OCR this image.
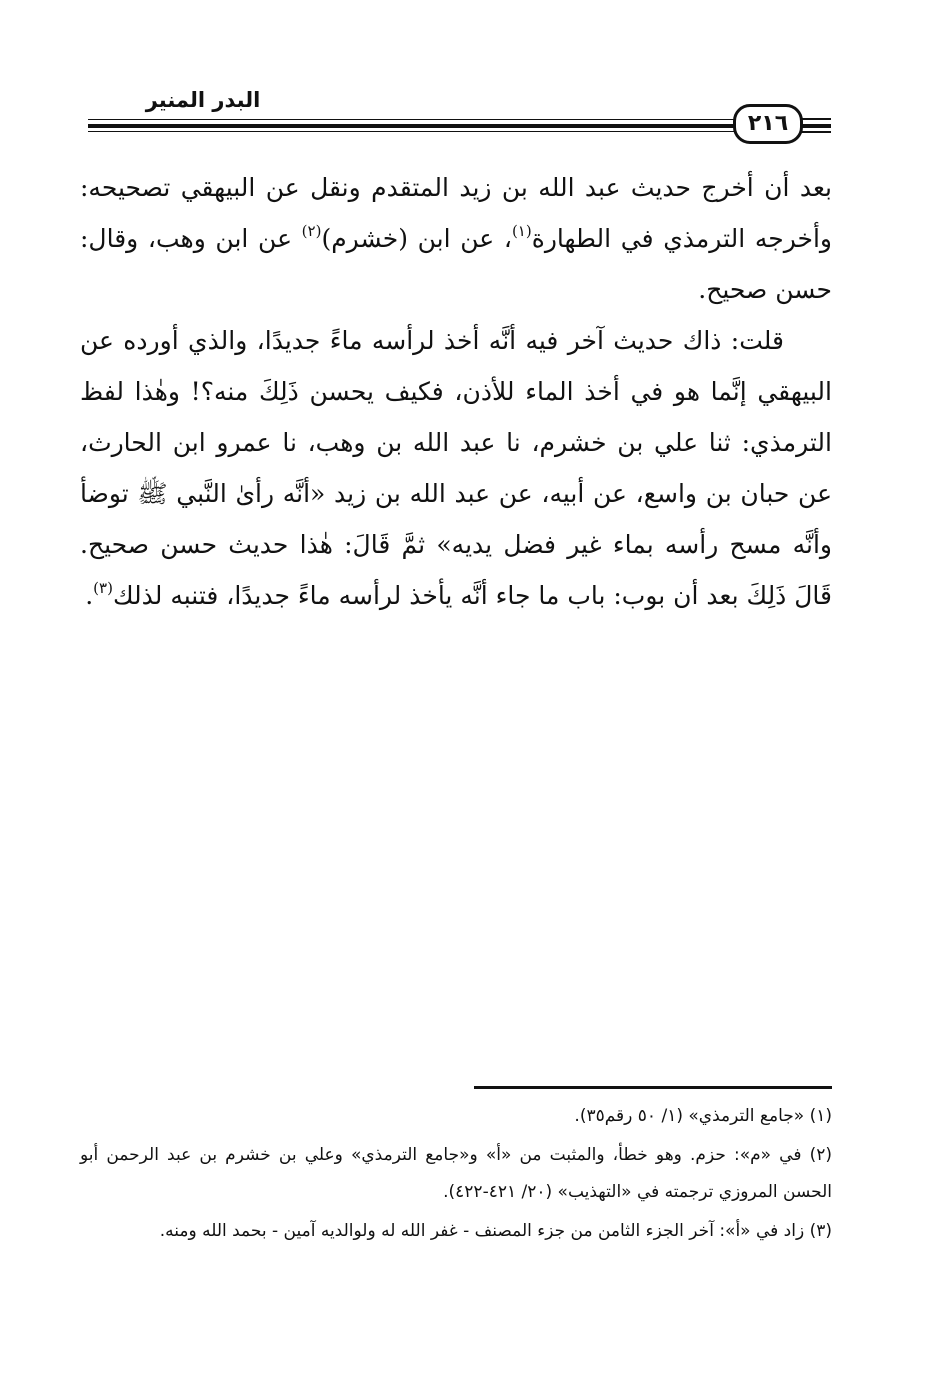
البدر المنير
٢١٦

بعد أن أخرج حديث عبد الله بن زيد المتقدم ونقل عن البيهقي تصحيحه: وأخرجه الترمذي في الطهارة$^{(١)}$، عن ابن (خشرم)$^{(٢)}$ عن ابن وهب، وقال: حسن صحيح.

قلت: ذاك حديث آخر فيه أنَّه أخذ لرأسه ماءً جديدًا، والذي أورده عن البيهقي إنَّما هو في أخذ الماء للأذن، فكيف يحسن ذَلِكَ منه؟! وهٰذا لفظ الترمذي: ثنا علي بن خشرم، نا عبد الله بن وهب، نا عمرو ابن الحارث، عن حبان بن واسع، عن أبيه، عن عبد الله بن زيد «أنَّه رأىٰ النَّبي ﷺ توضأ وأنَّه مسح رأسه بماء غير فضل يديه» ثمَّ قَالَ: هٰذا حديث حسن صحيح. قَالَ ذَلِكَ بعد أن بوب: باب ما جاء أنَّه يأخذ لرأسه ماءً جديدًا، فتنبه لذلك$^{(٣)}$.

(١) «جامع الترمذي» (١/ ٥٠ رقم٣٥).

(٢) في «م»: حزم. وهو خطأ، والمثبت من «أ» و«جامع الترمذي» وعلي بن خشرم بن عبد الرحمن أبو الحسن المروزي ترجمته في «التهذيب» (٢٠/ ٤٢١-٤٢٢).

(٣) زاد في «أ»: آخر الجزء الثامن من جزء المصنف - غفر الله له ولوالديه آمين - بحمد الله ومنه.
